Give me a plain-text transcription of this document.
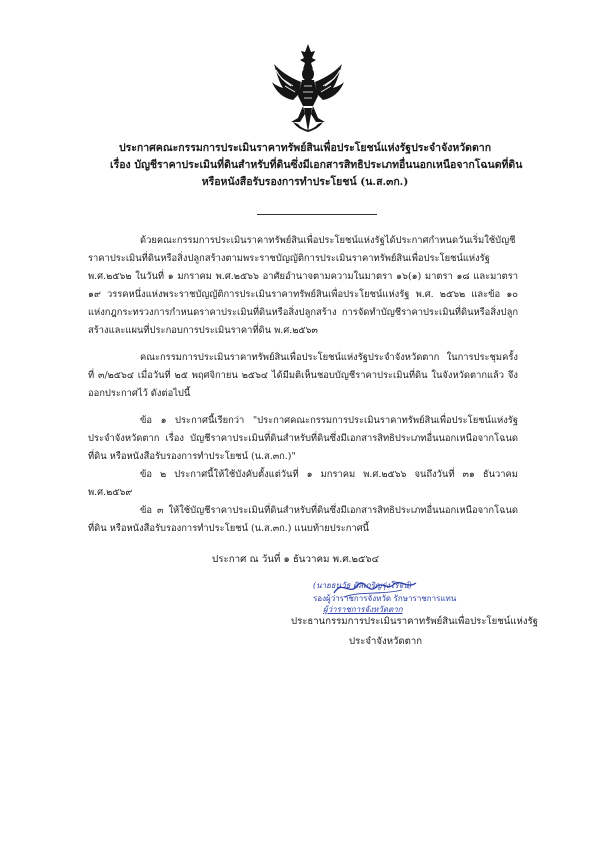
ประกาศคณะกรรมการประเมินราคาทรัพย์สินเพื่อประโยชน์แห่งรัฐประจำจังหวัดตาก
เรื่อง บัญชีราคาประเมินที่ดินสำหรับที่ดินซึ่งมีเอกสารสิทธิประเภทอื่นนอกเหนือจากโฉนดที่ดิน
หรือหนังสือรับรองการทำประโยชน์ (น.ส.๓ก.)

ด้วยคณะกรรมการประเมินราคาทรัพย์สินเพื่อประโยชน์แห่งรัฐได้ประกาศกำหนดวันเริ่มใช้บัญชีราคาประเมินที่ดินหรือสิ่งปลูกสร้างตามพระราชบัญญัติการประเมินราคาทรัพย์สินเพื่อประโยชน์แห่งรัฐ พ.ศ.๒๕๖๒ ในวันที่ ๑ มกราคม พ.ศ.๒๕๖๖ อาศัยอำนาจตามความในมาตรา ๑๖(๑) มาตรา ๑๘ และมาตรา ๑๙ วรรคหนึ่งแห่งพระราชบัญญัติการประเมินราคาทรัพย์สินเพื่อประโยชน์แห่งรัฐ พ.ศ. ๒๕๖๒ และข้อ ๑๐ แห่งกฎกระทรวงการกำหนดราคาประเมินที่ดินหรือสิ่งปลูกสร้าง การจัดทำบัญชีราคาประเมินที่ดินหรือสิ่งปลูกสร้างและแผนที่ประกอบการประเมินราคาที่ดิน พ.ศ.๒๕๖๓

คณะกรรมการประเมินราคาทรัพย์สินเพื่อประโยชน์แห่งรัฐประจำจังหวัดตาก ในการประชุมครั้งที่ ๓/๒๕๖๔ เมื่อวันที่ ๒๕ พฤศจิกายน ๒๕๖๔ ได้มีมติเห็นชอบบัญชีราคาประเมินที่ดิน ในจังหวัดตากแล้ว จึงออกประกาศไว้ ดังต่อไปนี้

ข้อ ๑ ประกาศนี้เรียกว่า "ประกาศคณะกรรมการประเมินราคาทรัพย์สินเพื่อประโยชน์แห่งรัฐประจำจังหวัดตาก เรื่อง บัญชีราคาประเมินที่ดินสำหรับที่ดินซึ่งมีเอกสารสิทธิประเภทอื่นนอกเหนือจากโฉนดที่ดิน หรือหนังสือรับรองการทำประโยชน์ (น.ส.๓ก.)"

ข้อ ๒ ประกาศนี้ให้ใช้บังคับตั้งแต่วันที่ ๑ มกราคม พ.ศ.๒๕๖๖ จนถึงวันที่ ๓๑ ธันวาคม พ.ศ.๒๕๖๙

ข้อ ๓ ให้ใช้บัญชีราคาประเมินที่ดินสำหรับที่ดินซึ่งมีเอกสารสิทธิประเภทอื่นนอกเหนือจากโฉนดที่ดิน หรือหนังสือรับรองการทำประโยชน์ (น.ส.๓ก.) แนบท้ายประกาศนี้

ประกาศ ณ วันที่ ๑ ธันวาคม พ.ศ.๒๕๖๔
(นายธนวัธ ศิลเกริญรุ่งโรจน์)
รองผู้ว่าราชการจังหวัด รักษาราชการแทน
ผู้ว่าราชการจังหวัดตาก
ประธานกรรมการประเมินราคาทรัพย์สินเพื่อประโยชน์แห่งรัฐ
ประจำจังหวัดตาก
